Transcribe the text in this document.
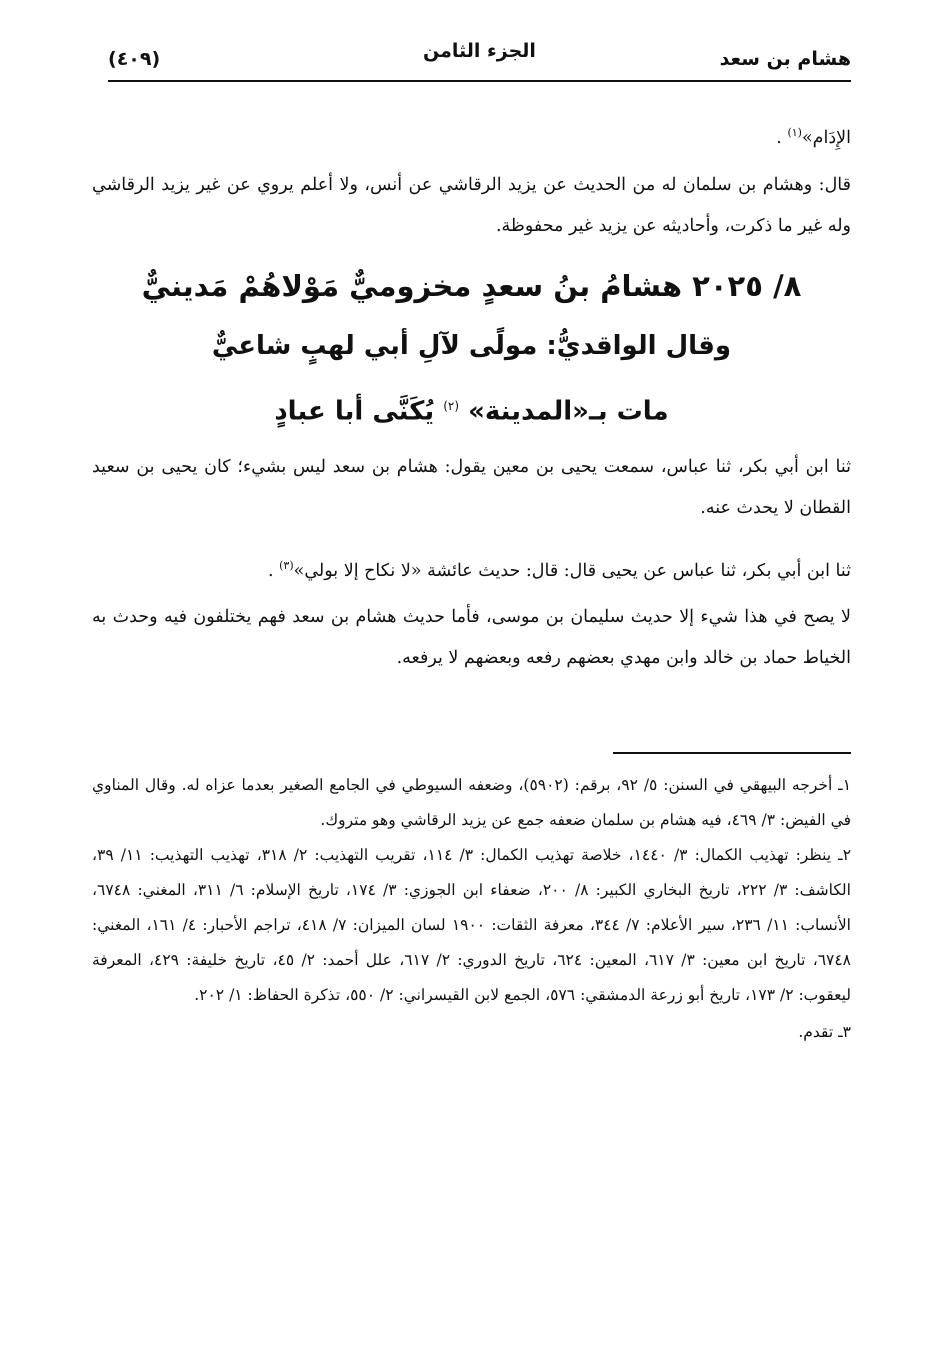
هشام بن سعد
الجزء الثامن
(٤٠٩)

الإِدَام»$^{(١)}$ .

قال: وهشام بن سلمان له من الحديث عن يزيد الرقاشي عن أنس، ولا أعلم يروي عن غير يزيد الرقاشي وله غير ما ذكرت، وأحاديثه عن يزيد غير محفوظة.

٨/ ٢٠٢٥ هشامُ بنُ سعدٍ مخزوميٌّ مَوْلاهُمْ مَدينيٌّ
وقال الواقديُّ: مولًى لآلِ أبي لهبٍ شاعيٌّ
مات بـ«المدينة» $^{(٢)}$ يُكَنَّى أبا عبادٍ

ثنا ابن أبي بكر، ثنا عباس، سمعت يحيى بن معين يقول: هشام بن سعد ليس بشيء؛ كان يحيى بن سعيد القطان لا يحدث عنه.

ثنا ابن أبي بكر، ثنا عباس عن يحيى قال: قال: حديث عائشة «لا نكاح إلا بولي»$^{(٣)}$ .

لا يصح في هذا شيء إلا حديث سليمان بن موسى، فأما حديث هشام بن سعد فهم يختلفون فيه وحدث به الخياط حماد بن خالد وابن مهدي بعضهم رفعه وبعضهم لا يرفعه.

١ـ أخرجه البيهقي في السنن: ٥/ ٩٢، برقم: (٥٩٠٢)، وضعفه السيوطي في الجامع الصغير بعدما عزاه له. وقال المناوي في الفيض: ٣/ ٤٦٩، فيه هشام بن سلمان ضعفه جمع عن يزيد الرقاشي وهو متروك.

٢ـ ينظر: تهذيب الكمال: ٣/ ١٤٤٠، خلاصة تهذيب الكمال: ٣/ ١١٤، تقريب التهذيب: ٢/ ٣١٨، تهذيب التهذيب: ١١/ ٣٩، الكاشف: ٣/ ٢٢٢، تاريخ البخاري الكبير: ٨/ ٢٠٠، ضعفاء ابن الجوزي: ٣/ ١٧٤، تاريخ الإسلام: ٦/ ٣١١، المغني: ٦٧٤٨، الأنساب: ١١/ ٢٣٦، سير الأعلام: ٧/ ٣٤٤، معرفة الثقات: ١٩٠٠ لسان الميزان: ٧/ ٤١٨، تراجم الأحبار: ٤/ ١٦١، المغني: ٦٧٤٨، تاريخ ابن معين: ٣/ ٦١٧، المعين: ٦٢٤، تاريخ الدوري: ٢/ ٦١٧، علل أحمد: ٢/ ٤٥، تاريخ خليفة: ٤٢٩، المعرفة ليعقوب: ٢/ ١٧٣، تاريخ أبو زرعة الدمشقي: ٥٧٦، الجمع لابن القيسراني: ٢/ ٥٥٠، تذكرة الحفاظ: ١/ ٢٠٢.

٣ـ تقدم.
